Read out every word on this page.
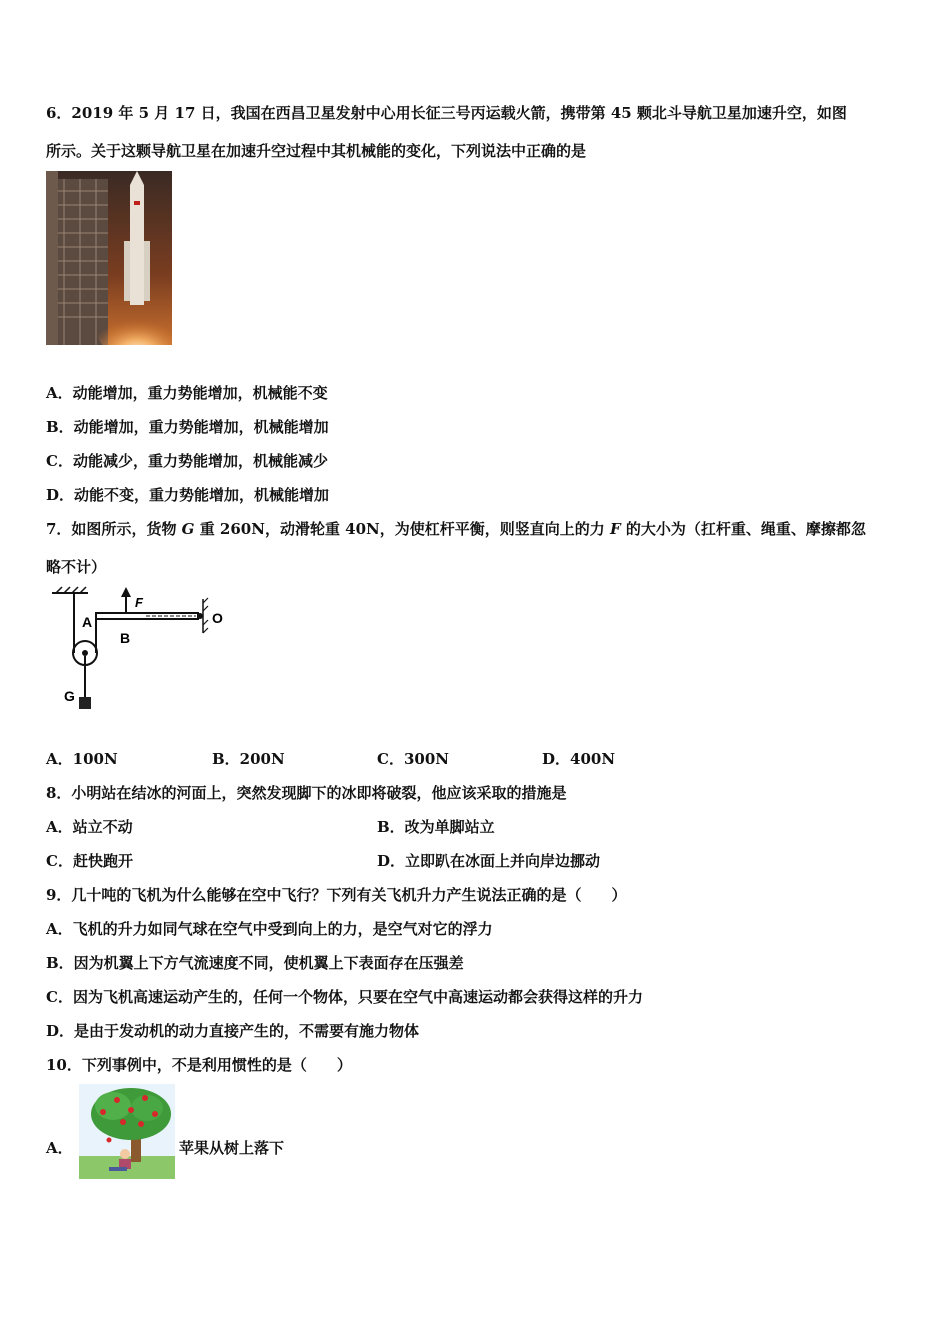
6．2019 年 5 月 17 日，我国在西昌卫星发射中心用长征三号丙运载火箭，携带第 45 颗北斗导航卫星加速升空，如图
所示。关于这颗导航卫星在加速升空过程中其机械能的变化，下列说法中正确的是
A．动能增加，重力势能增加，机械能不变
B．动能增加，重力势能增加，机械能增加
C．动能减少，重力势能增加，机械能减少
D．动能不变，重力势能增加，机械能增加
7．如图所示，货物 G 重 260N，动滑轮重 40N，为使杠杆平衡，则竖直向上的力 F 的大小为（扛杆重、绳重、摩擦都忽
略不计）
F
A
B
O
G
A．100N	B．200N	C．300N	D．400N
8．小明站在结冰的河面上，突然发现脚下的冰即将破裂，他应该采取的措施是
A．站立不动	B．改为单脚站立
C．赶快跑开	D．立即趴在冰面上并向岸边挪动
9．几十吨的飞机为什么能够在空中飞行？下列有关飞机升力产生说法正确的是（　　）
A．飞机的升力如同气球在空气中受到向上的力，是空气对它的浮力
B．因为机翼上下方气流速度不同，使机翼上下表面存在压强差
C．因为飞机高速运动产生的，任何一个物体，只要在空气中高速运动都会获得这样的升力
D．是由于发动机的动力直接产生的，不需要有施力物体
10．下列事例中，不是利用惯性的是（　　）
A．	苹果从树上落下
